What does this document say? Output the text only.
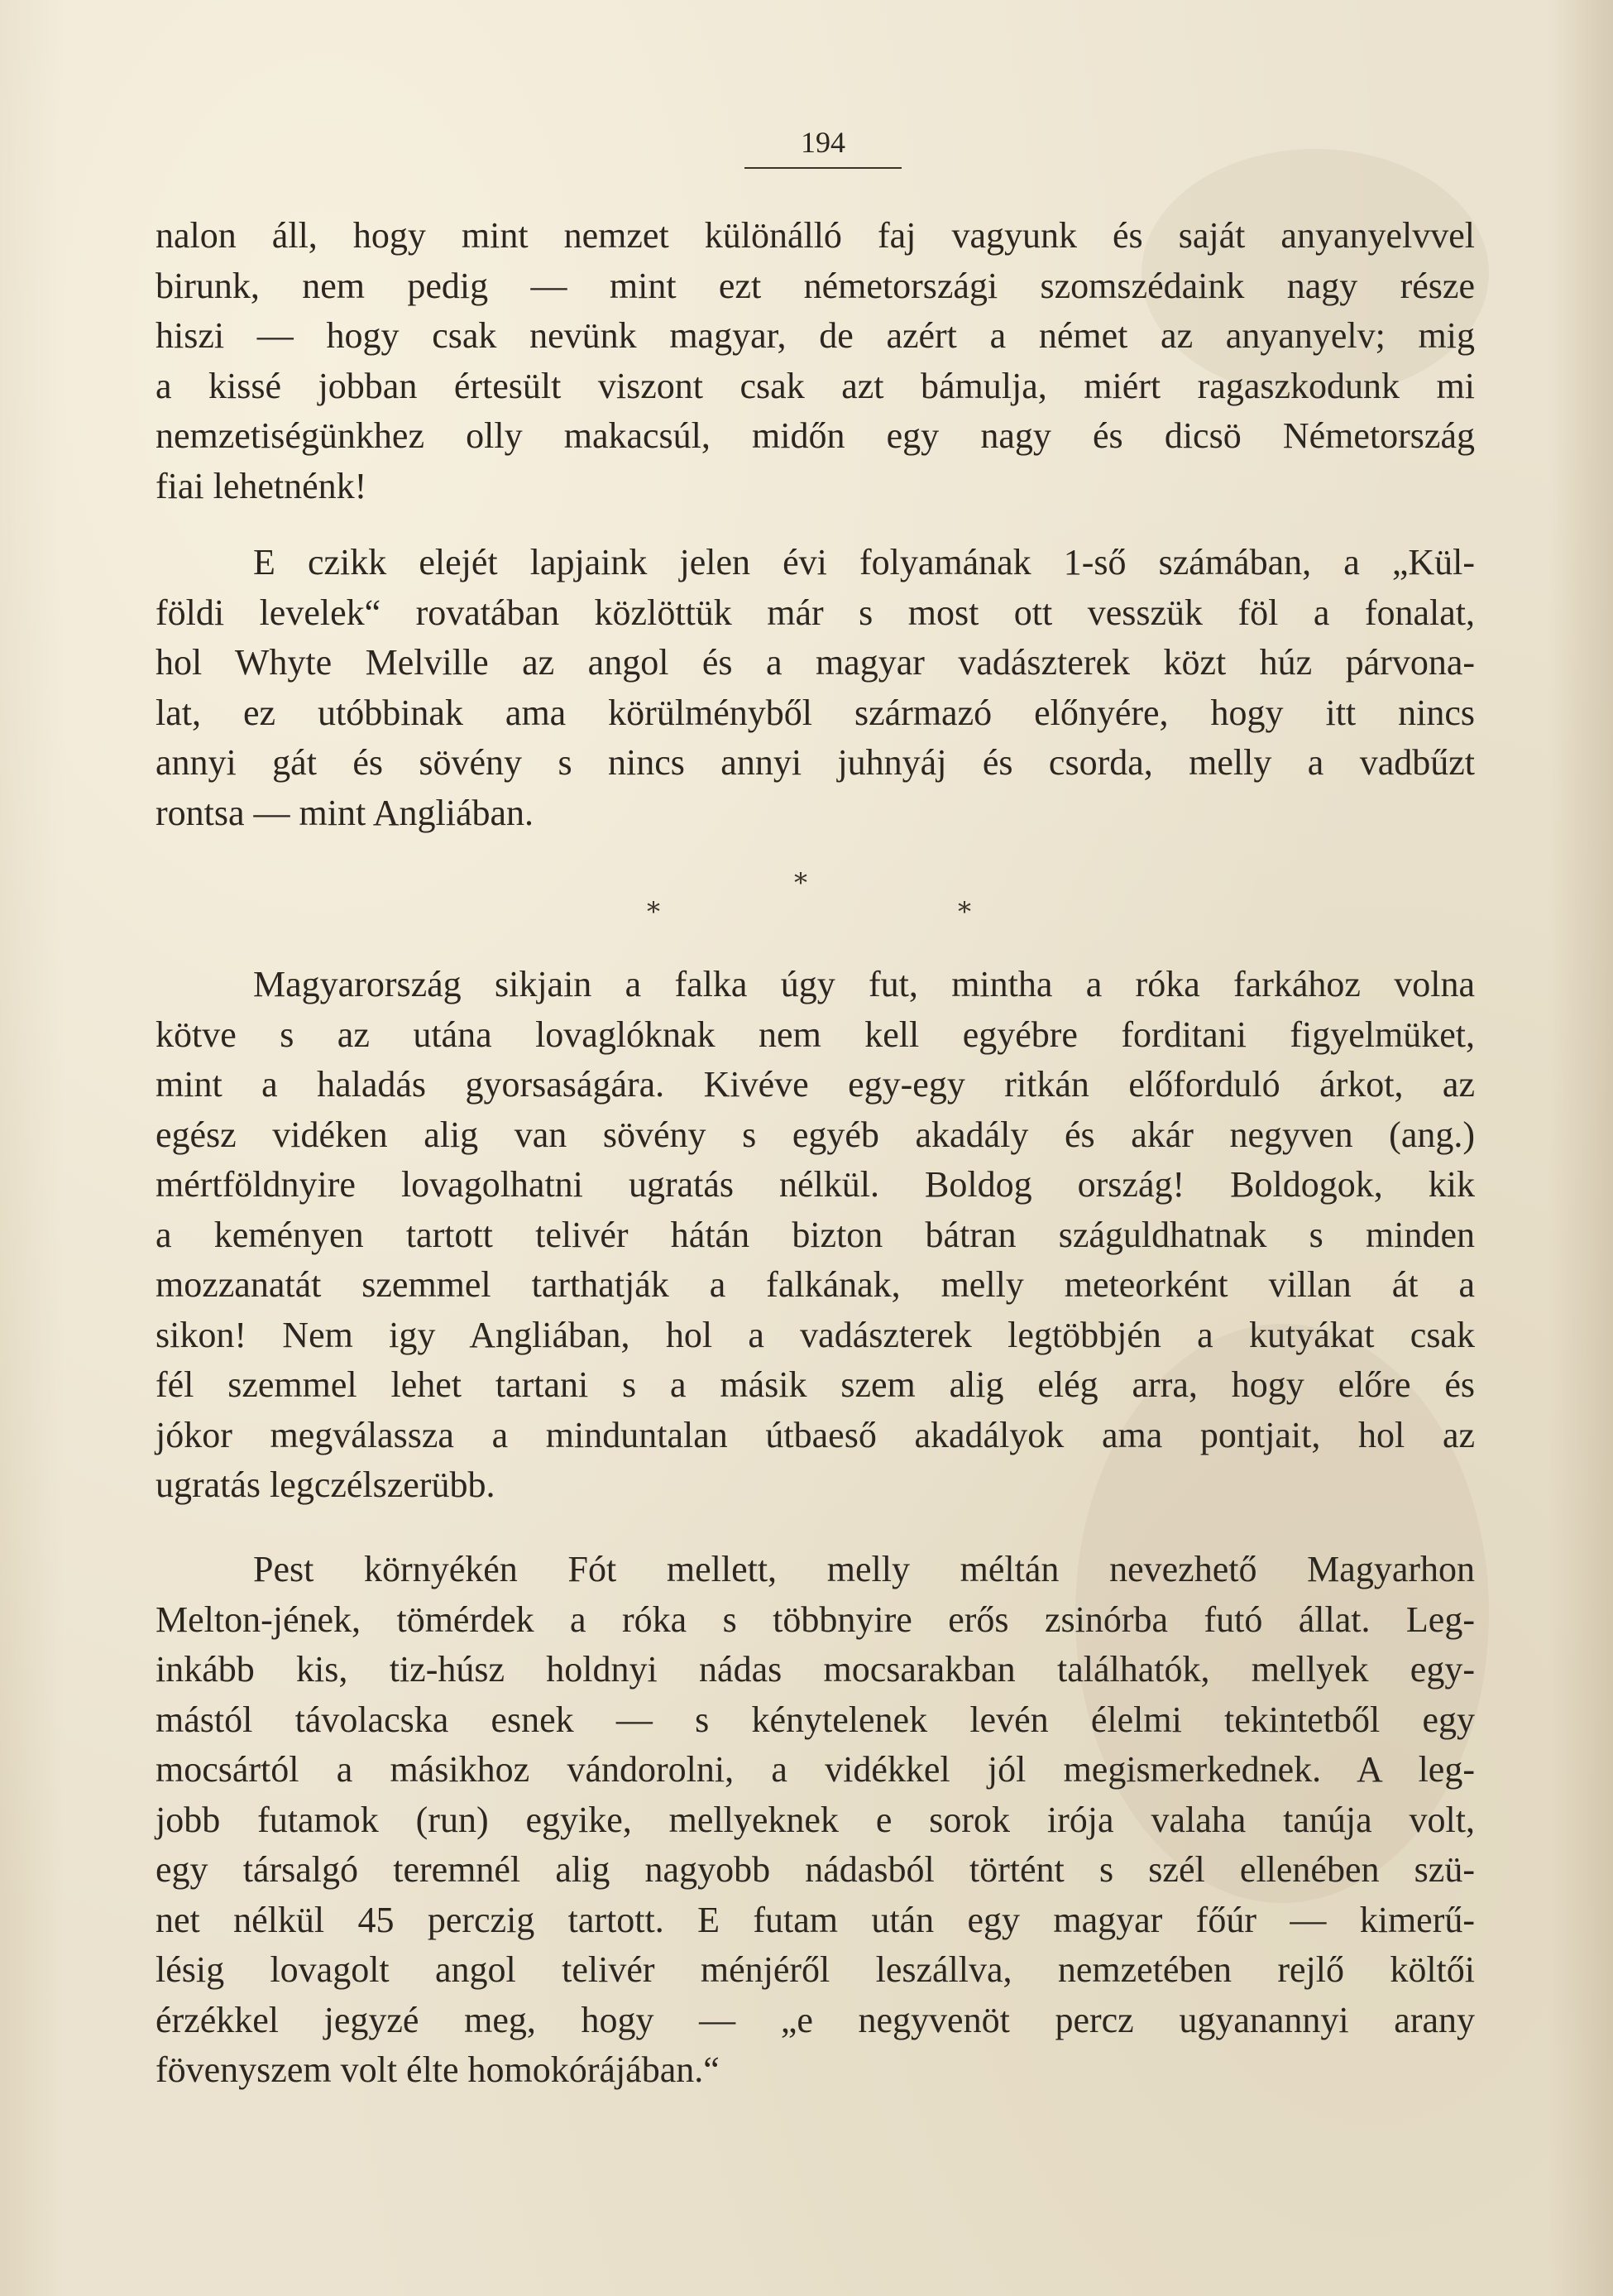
194
nalon áll, hogy mint nemzet különálló faj vagyunk és saját anyanyelvvel
birunk, nem pedig — mint ezt németországi szomszédaink nagy része
hiszi — hogy csak nevünk magyar, de azért a német az anyanyelv; mig
a kissé jobban értesült viszont csak azt bámulja, miért ragaszkodunk mi
nemzetiségünkhez olly makacsúl, midőn egy nagy és dicsö Németország
fiai lehetnénk!
E czikk elejét lapjaink jelen évi folyamának 1-ső számában, a „Kül-
földi levelek“ rovatában közlöttük már s most ott vesszük föl a fonalat,
hol Whyte Melville az angol és a magyar vadászterek közt húz párvona-
lat, ez utóbbinak ama körülményből származó előnyére, hogy itt nincs
annyi gát és sövény s nincs annyi juhnyáj és csorda, melly a vadbűzt
rontsa — mint Angliában.
*
*	*
Magyarország sikjain a falka úgy fut, mintha a róka farkához volna
kötve s az utána lovaglóknak nem kell egyébre forditani figyelmüket,
mint a haladás gyorsaságára. Kivéve egy-egy ritkán előforduló árkot, az
egész vidéken alig van sövény s egyéb akadály és akár negyven (ang.)
mértföldnyire lovagolhatni ugratás nélkül. Boldog ország! Boldogok, kik
a keményen tartott telivér hátán bizton bátran száguldhatnak s minden
mozzanatát szemmel tarthatják a falkának, melly meteorként villan át a
sikon! Nem igy Angliában, hol a vadászterek legtöbbjén a kutyákat csak
fél szemmel lehet tartani s a másik szem alig elég arra, hogy előre és
jókor megválassza a minduntalan útbaeső akadályok ama pontjait, hol az
ugratás legczélszerübb.
Pest környékén Fót mellett, melly méltán nevezhető Magyarhon
Melton-jének, tömérdek a róka s többnyire erős zsinórba futó állat. Leg-
inkább kis, tiz-húsz holdnyi nádas mocsarakban találhatók, mellyek egy-
mástól távolacska esnek — s kénytelenek levén élelmi tekintetből egy
mocsártól a másikhoz vándorolni, a vidékkel jól megismerkednek. A leg-
jobb futamok (run) egyike, mellyeknek e sorok irója valaha tanúja volt,
egy társalgó teremnél alig nagyobb nádasból történt s szél ellenében szü-
net nélkül 45 perczig tartott. E futam után egy magyar főúr — kimerű-
lésig lovagolt angol telivér ménjéről leszállva, nemzetében rejlő költői
érzékkel jegyzé meg, hogy — „e negyvenöt percz ugyanannyi arany
fövenyszem volt élte homokórájában.“
